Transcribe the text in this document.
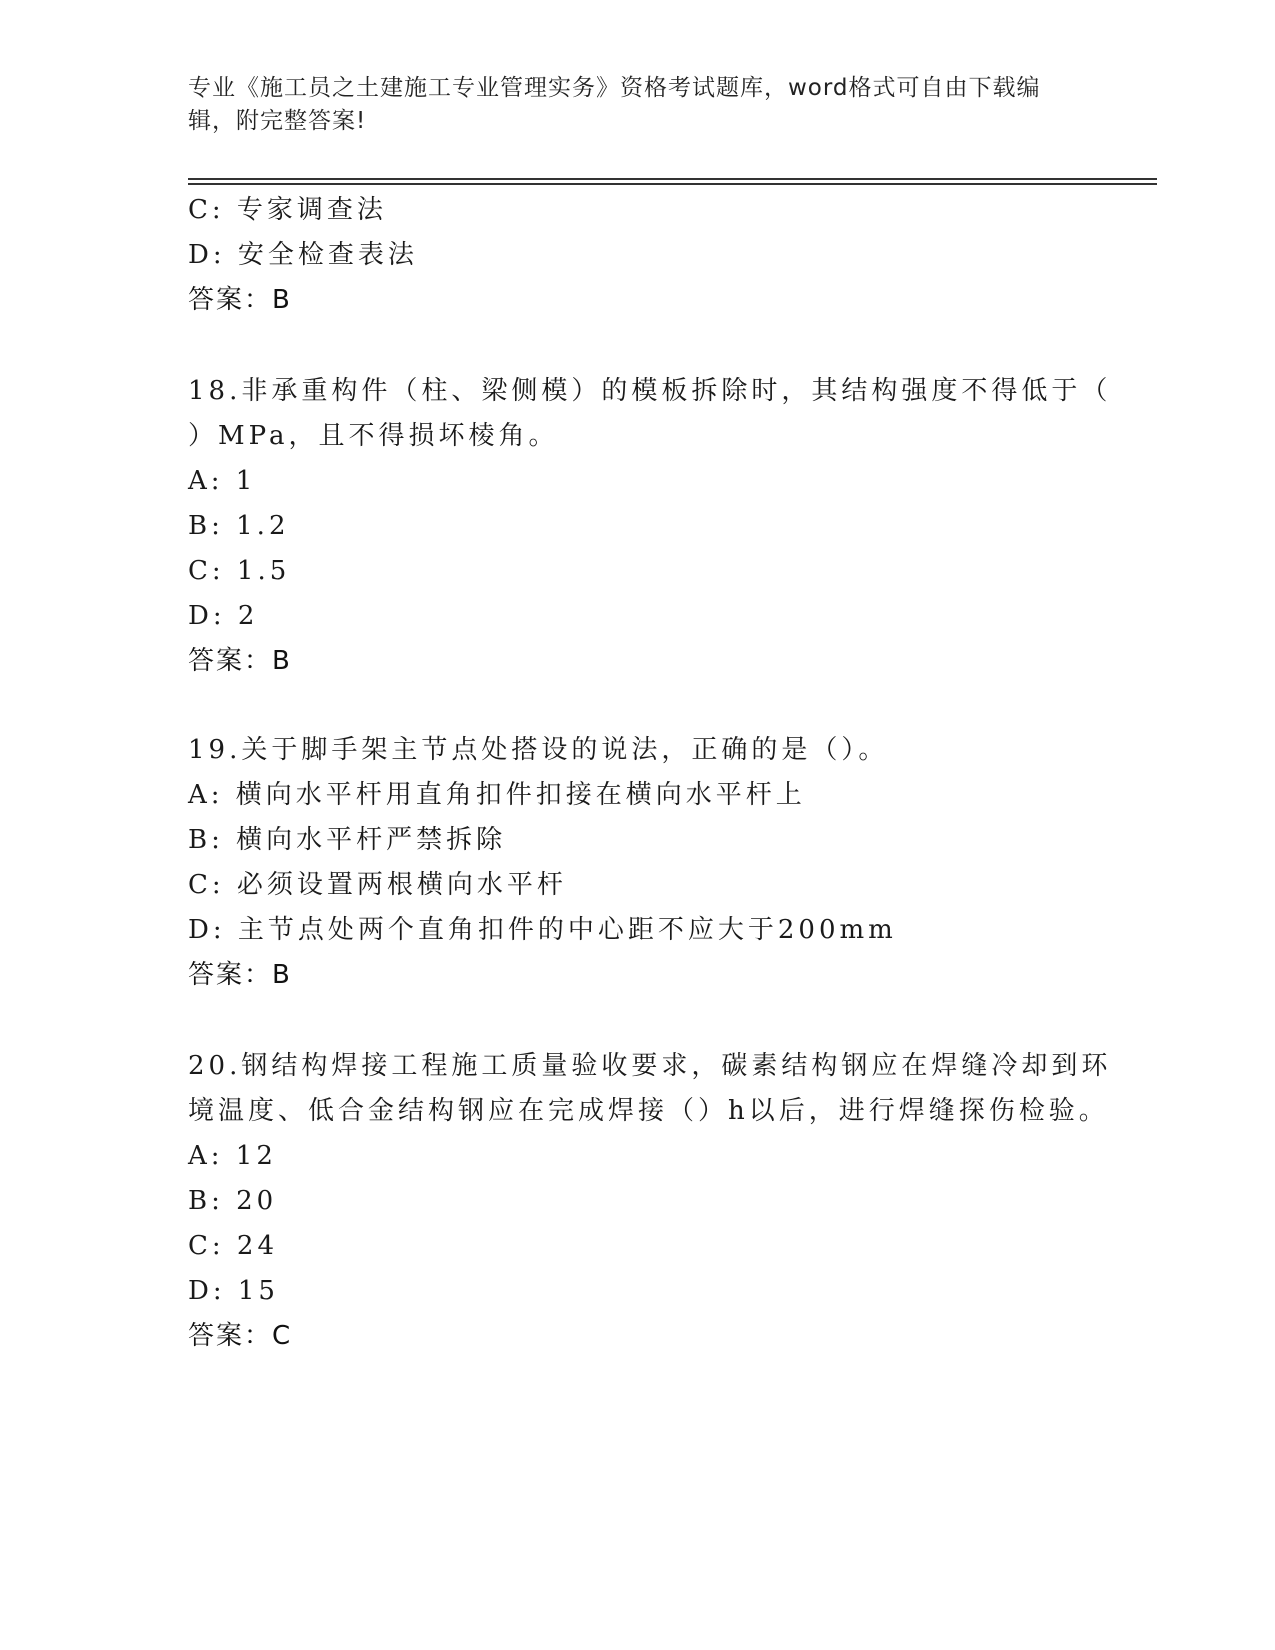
专业《施工员之土建施工专业管理实务》资格考试题库，word格式可自由下载编
辑，附完整答案!
C: 专家调查法
D: 安全检查表法
答案：B
18.非承重构件（柱、梁侧模）的模板拆除时，其结构强度不得低于（
）MPa，且不得损坏棱角。
A: 1
B: 1.2
C: 1.5
D: 2
答案：B
19.关于脚手架主节点处搭设的说法，正确的是（）。
A: 横向水平杆用直角扣件扣接在横向水平杆上
B: 横向水平杆严禁拆除
C: 必须设置两根横向水平杆
D: 主节点处两个直角扣件的中心距不应大于200mm
答案：B
20.钢结构焊接工程施工质量验收要求，碳素结构钢应在焊缝冷却到环
境温度、低合金结构钢应在完成焊接（）h以后，进行焊缝探伤检验。
A: 12
B: 20
C: 24
D: 15
答案：C
